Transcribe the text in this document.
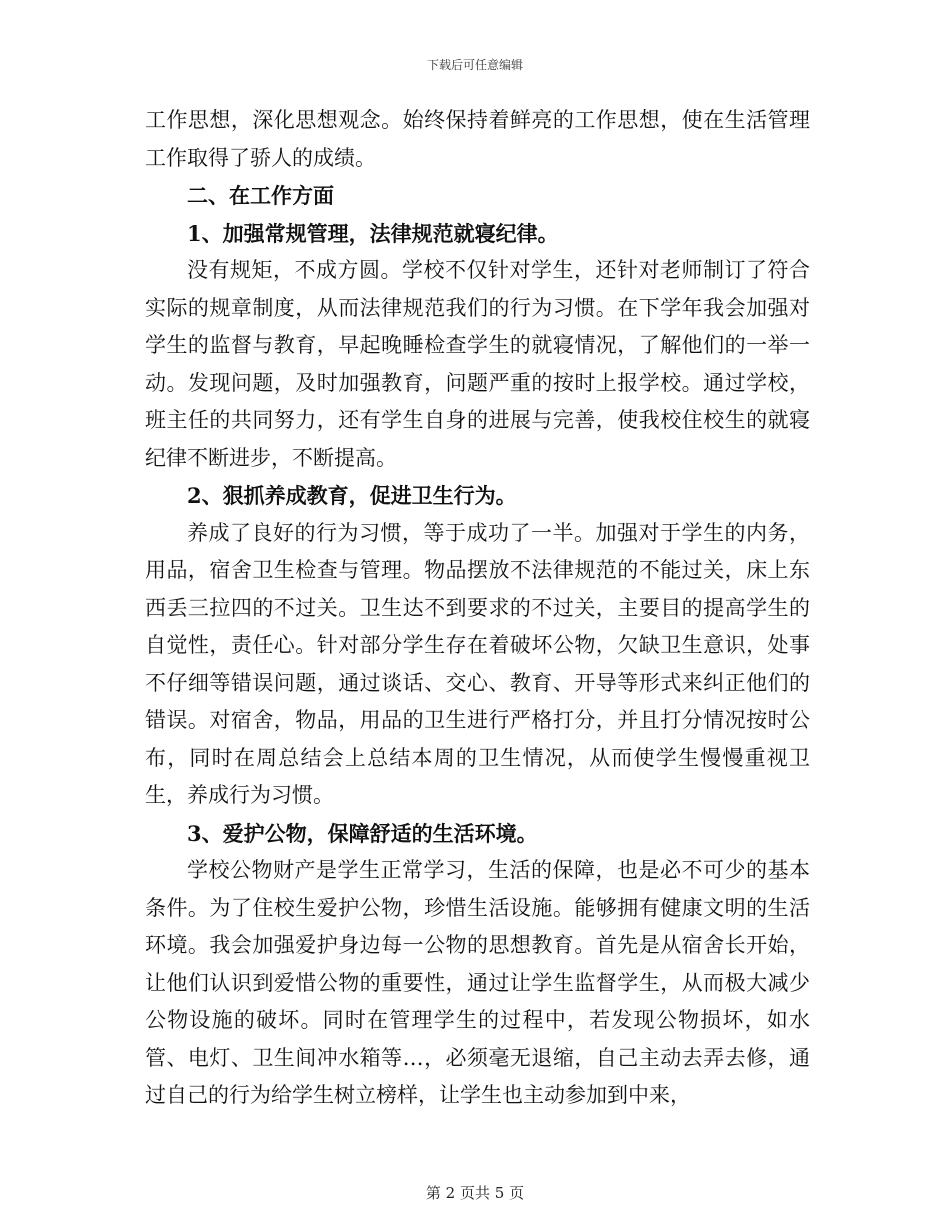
下载后可任意编辑

工作思想，深化思想观念。始终保持着鲜亮的工作思想，使在生活管理工作取得了骄人的成绩。

二、在工作方面

1、加强常规管理，法律规范就寝纪律。

没有规矩，不成方圆。学校不仅针对学生，还针对老师制订了符合实际的规章制度，从而法律规范我们的行为习惯。在下学年我会加强对学生的监督与教育，早起晚睡检查学生的就寝情况，了解他们的一举一动。发现问题，及时加强教育，问题严重的按时上报学校。通过学校，班主任的共同努力，还有学生自身的进展与完善，使我校住校生的就寝纪律不断进步，不断提高。

2、狠抓养成教育，促进卫生行为。

养成了良好的行为习惯，等于成功了一半。加强对于学生的内务，用品，宿舍卫生检查与管理。物品摆放不法律规范的不能过关，床上东西丢三拉四的不过关。卫生达不到要求的不过关，主要目的提高学生的自觉性，责任心。针对部分学生存在着破坏公物，欠缺卫生意识，处事不仔细等错误问题，通过谈话、交心、教育、开导等形式来纠正他们的错误。对宿舍，物品，用品的卫生进行严格打分，并且打分情况按时公布，同时在周总结会上总结本周的卫生情况，从而使学生慢慢重视卫生，养成行为习惯。

3、爱护公物，保障舒适的生活环境。

学校公物财产是学生正常学习，生活的保障，也是必不可少的基本条件。为了住校生爱护公物，珍惜生活设施。能够拥有健康文明的生活环境。我会加强爱护身边每一公物的思想教育。首先是从宿舍长开始，让他们认识到爱惜公物的重要性，通过让学生监督学生，从而极大减少公物设施的破坏。同时在管理学生的过程中，若发现公物损坏，如水管、电灯、卫生间冲水箱等…，必须毫无退缩，自己主动去弄去修，通过自己的行为给学生树立榜样，让学生也主动参加到中来，

第 2 页共 5 页
